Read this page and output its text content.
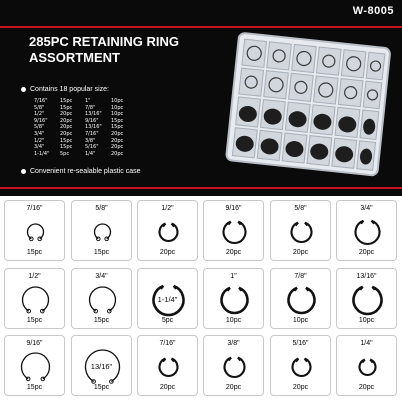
W-8005
285PC RETAINING RING
ASSORTMENT
Contains 18 popular size:
7/16"	15pc	1"	10pc
5/8"	15pc	7/8"	10pc
1/2"	20pc	13/16"	10pc
9/16"	20pc	9/16"	15pc
5/8"	20pc	13/16"	15pc
3/4"	20pc	7/16"	20pc
1/2"	15pc	3/8"	20pc
3/4"	15pc	5/16"	20pc
1-1/4"	5pc	1/4"	20pc
Convenient re-sealable plastic case
7/16"
15pc
5/8"
15pc
1/2"
20pc
9/16"
20pc
5/8"
20pc
3/4"
20pc
1/2"
15pc
3/4"
15pc
1-1/4"
5pc
1"
10pc
7/8"
10pc
13/16"
10pc
9/16"
15pc
13/16"
15pc
7/16"
20pc
3/8"
20pc
5/16"
20pc
1/4"
20pc
